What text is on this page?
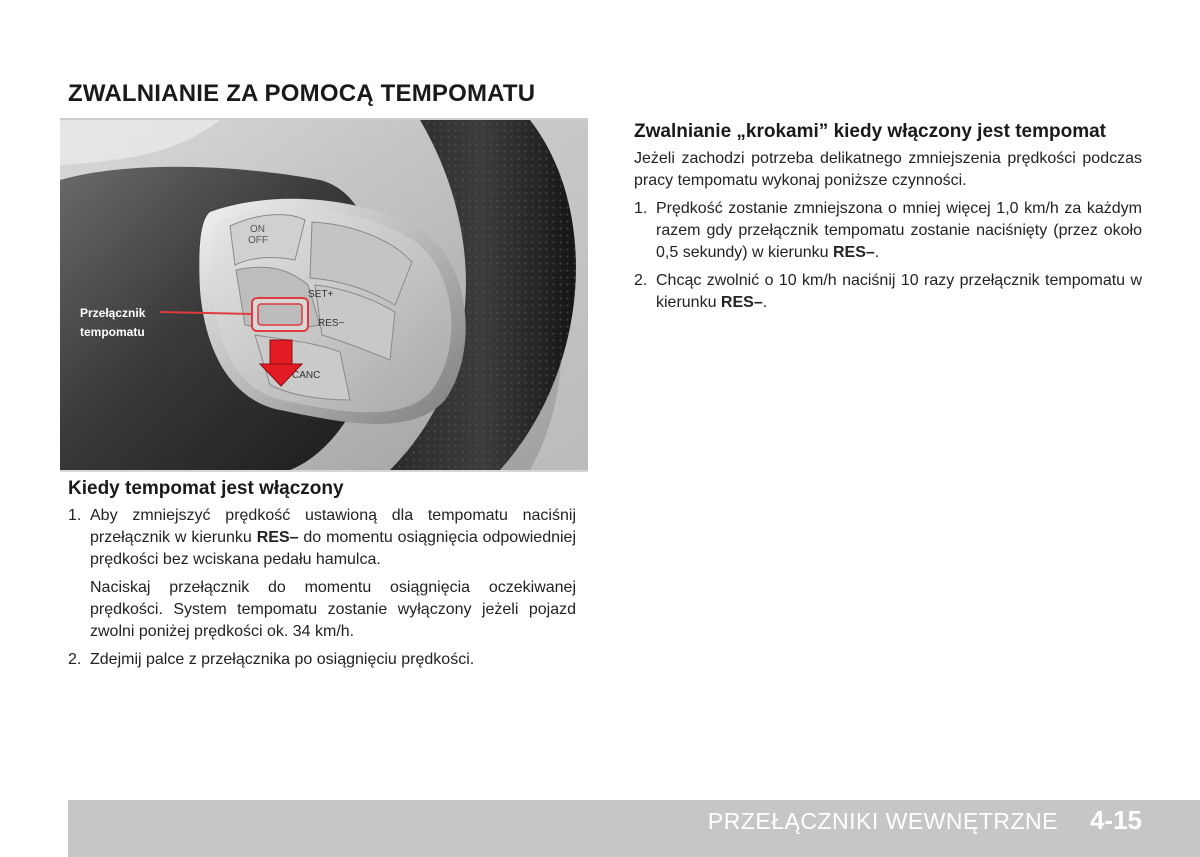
ZWALNIANIE ZA POMOCĄ TEMPOMATU
ON
OFF
SET+
RES−
CANC
Przełącznik
tempomatu
Kiedy tempomat jest włączony
1. Aby zmniejszyć prędkość ustawioną dla tempomatu naciśnij przełącznik w kierunku RES– do momentu osiągnięcia odpowiedniej prędkości bez wciskana pedału hamulca.
Naciskaj przełącznik do momentu osiągnięcia oczekiwanej prędkości. System tempomatu zostanie wyłączony jeżeli pojazd zwolni poniżej prędkości ok. 34 km/h.
2. Zdejmij palce z przełącznika po osiągnięciu prędkości.
Zwalnianie „krokami” kiedy włączony jest tempomat

Jeżeli zachodzi potrzeba delikatnego zmniejszenia prędkości podczas pracy tempomatu wykonaj poniższe czynności.

1. Prędkość zostanie zmniejszona o mniej więcej 1,0 km/h za każdym razem gdy przełącznik tempomatu zostanie naciśnięty (przez około 0,5 sekundy) w kierunku RES–.
2. Chcąc zwolnić o 10 km/h naciśnij 10 razy przełącznik tempomatu w kierunku RES–.
PRZEŁĄCZNIKI WEWNĘTRZNE 4-15
